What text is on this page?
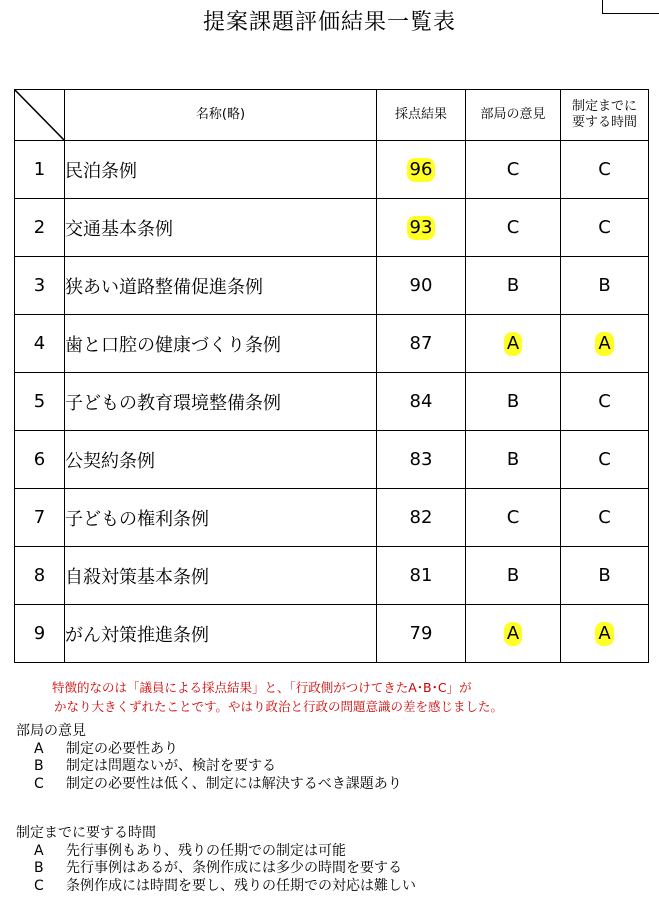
提案課題評価結果一覧表
	名称(略)	採点結果	部局の意見	制定までに
要する時間
1	民泊条例	96	C	C
2	交通基本条例	93	C	C
3	狭あい道路整備促進条例	90	B	B
4	歯と口腔の健康づくり条例	87	A	A
5	子どもの教育環境整備条例	84	B	C
6	公契約条例	83	B	C
7	子どもの権利条例	82	C	C
8	自殺対策基本条例	81	B	B
9	がん対策推進条例	79	A	A
特徴的なのは「議員による採点結果」と、「行政側がつけてきたA･B･C」が
かなり大きくずれたことです。やはり政治と行政の問題意識の差を感じました。
部局の意見
A 制定の必要性あり
B 制定は問題ないが、検討を要する
C 制定の必要性は低く、制定には解決するべき課題あり
制定までに要する時間
A 先行事例もあり、残りの任期での制定は可能
B 先行事例はあるが、条例作成には多少の時間を要する
C 条例作成には時間を要し、残りの任期での対応は難しい
